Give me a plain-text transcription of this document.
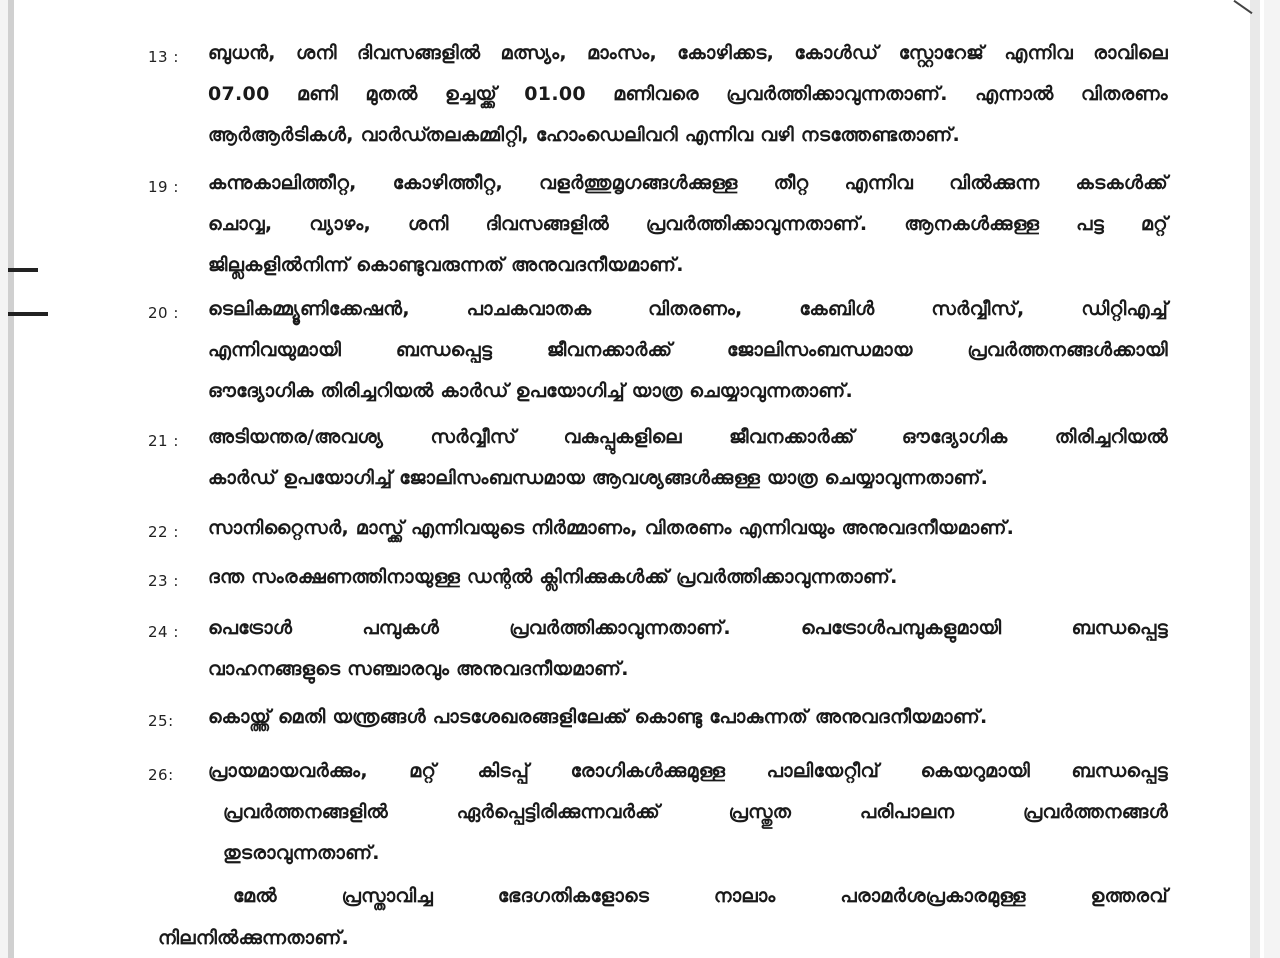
13 :	ബുധൻ, ശനി ദിവസങ്ങളിൽ മത്സ്യം, മാംസം, കോഴിക്കട, കോൾഡ് സ്റ്റോറേജ് എന്നിവ രാവിലെ
07.00 മണി മുതൽ ഉച്ചയ്ക്ക് 01.00 മണിവരെ പ്രവർത്തിക്കാവുന്നതാണ്. എന്നാൽ വിതരണം
ആർആർടികൾ, വാർഡ്തലകമ്മിറ്റി, ഹോംഡെലിവറി എന്നിവ വഴി നടത്തേണ്ടതാണ്.
19 :	കന്നുകാലിത്തീറ്റ, കോഴിത്തീറ്റ, വളർത്തുമൃഗങ്ങൾക്കുള്ള തീറ്റ എന്നിവ വിൽക്കുന്ന കടകൾക്ക്
ചൊവ്വ, വ്യാഴം, ശനി ദിവസങ്ങളിൽ പ്രവർത്തിക്കാവുന്നതാണ്. ആനകൾക്കുള്ള പട്ട മറ്റ്
ജില്ലകളിൽനിന്ന് കൊണ്ടുവരുന്നത് അനുവദനീയമാണ്.
20 :	ടെലികമ്മ്യൂണിക്കേഷൻ,	പാചകവാതക	വിതരണം,	കേബിൾ	സർവ്വീസ്,	ഡിറ്റിഎച്ച്
എന്നിവയുമായി	ബന്ധപ്പെട്ട	ജീവനക്കാർക്ക്	ജോലിസംബന്ധമായ	പ്രവർത്തനങ്ങൾക്കായി
ഔദ്യോഗിക തിരിച്ചറിയൽ കാർഡ് ഉപയോഗിച്ച് യാത്ര ചെയ്യാവുന്നതാണ്.
21 :	അടിയന്തര/അവശ്യ സർവ്വീസ് വകുപ്പുകളിലെ ജീവനക്കാർക്ക് ഔദ്യോഗിക തിരിച്ചറിയൽ
കാർഡ് ഉപയോഗിച്ച് ജോലിസംബന്ധമായ ആവശ്യങ്ങൾക്കുള്ള യാത്ര ചെയ്യാവുന്നതാണ്.
22 :	സാനിറ്റൈസർ, മാസ്ക്ക് എന്നിവയുടെ നിർമ്മാണം, വിതരണം എന്നിവയും അനുവദനീയമാണ്.
23 :	ദന്ത സംരക്ഷണത്തിനായുള്ള ഡന്റൽ ക്ലിനിക്കുകൾക്ക് പ്രവർത്തിക്കാവുന്നതാണ്.
24 :	പെട്രോൾ	പമ്പുകൾ	പ്രവർത്തിക്കാവുന്നതാണ്.	പെട്രോൾപമ്പുകളുമായി	ബന്ധപ്പെട്ട
വാഹനങ്ങളുടെ സഞ്ചാരവും അനുവദനീയമാണ്.
25:	കൊയ്ത്ത് മെതി യന്ത്രങ്ങൾ പാടശേഖരങ്ങളിലേക്ക് കൊണ്ടു പോകുന്നത് അനുവദനീയമാണ്.
26:	പ്രായമായവർക്കും, മറ്റ് കിടപ്പ് രോഗികൾക്കുമുള്ള പാലിയേറ്റീവ് കെയറുമായി ബന്ധപ്പെട്ട
പ്രവർത്തനങ്ങളിൽ	ഏർപ്പെട്ടിരിക്കുന്നവർക്ക്	പ്രസ്തുത	പരിപാലന	പ്രവർത്തനങ്ങൾ
തുടരാവുന്നതാണ്.
മേൽ	പ്രസ്താവിച്ച	ഭേദഗതികളോടെ	നാലാം	പരാമർശപ്രകാരമുള്ള	ഉത്തരവ്
നിലനിൽക്കുന്നതാണ്.
